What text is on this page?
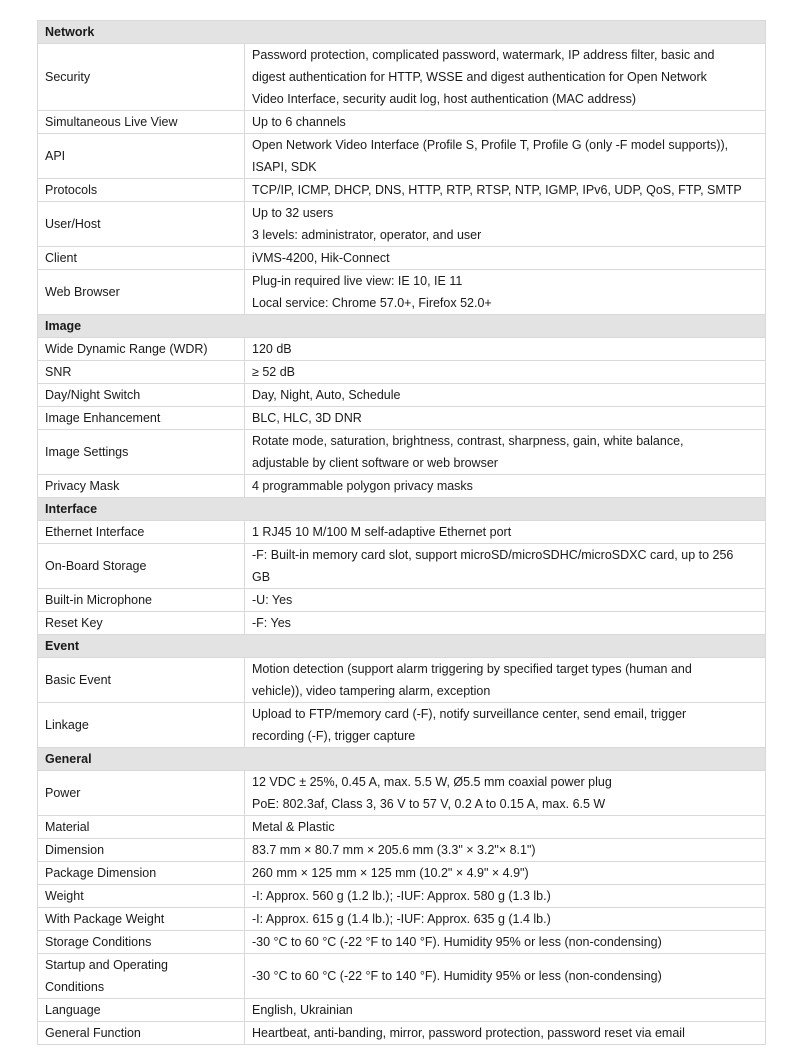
Network	
Security	Password protection, complicated password, watermark, IP address filter, basic and
digest authentication for HTTP, WSSE and digest authentication for Open Network
Video Interface, security audit log, host authentication (MAC address)

Simultaneous Live View	Up to 6 channels

API	Open Network Video Interface (Profile S, Profile T, Profile G (only -F model supports)),
ISAPI, SDK

Protocols	TCP/IP, ICMP, DHCP, DNS, HTTP, RTP, RTSP, NTP, IGMP, IPv6, UDP, QoS, FTP, SMTP

User/Host	Up to 32 users
3 levels: administrator, operator, and user

Client	iVMS-4200, Hik-Connect

Web Browser	Plug-in required live view: IE 10, IE 11
Local service: Chrome 57.0+, Firefox 52.0+

Image	
Wide Dynamic Range (WDR)	120 dB

SNR	≥ 52 dB

Day/Night Switch	Day, Night, Auto, Schedule

Image Enhancement	BLC, HLC, 3D DNR

Image Settings	Rotate mode, saturation, brightness, contrast, sharpness, gain, white balance,
adjustable by client software or web browser

Privacy Mask	4 programmable polygon privacy masks

Interface	
Ethernet Interface	1 RJ45 10 M/100 M self-adaptive Ethernet port

On-Board Storage	-F: Built-in memory card slot, support microSD/microSDHC/microSDXC card, up to 256
GB

Built-in Microphone	-U: Yes

Reset Key	-F: Yes

Event	
Basic Event	Motion detection (support alarm triggering by specified target types (human and
vehicle)), video tampering alarm, exception

Linkage	Upload to FTP/memory card (-F), notify surveillance center, send email, trigger
recording (-F), trigger capture

General	
Power	12 VDC ± 25%, 0.45 A, max. 5.5 W, Ø5.5 mm coaxial power plug
PoE: 802.3af, Class 3, 36 V to 57 V, 0.2 A to 0.15 A, max. 6.5 W

Material	Metal & Plastic

Dimension	83.7 mm × 80.7 mm × 205.6 mm (3.3" × 3.2"× 8.1")

Package Dimension	260 mm × 125 mm × 125 mm (10.2" × 4.9" × 4.9")

Weight	-I: Approx. 560 g (1.2 lb.); -IUF: Approx. 580 g (1.3 lb.)

With Package Weight	-I: Approx. 615 g (1.4 lb.); -IUF: Approx. 635 g (1.4 lb.)

Storage Conditions	-30 °C to 60 °C (-22 °F to 140 °F). Humidity 95% or less (non-condensing)

Startup and Operating
Conditions	-30 °C to 60 °C (-22 °F to 140 °F). Humidity 95% or less (non-condensing)

Language	English, Ukrainian

General Function	Heartbeat, anti-banding, mirror, password protection, password reset via email
